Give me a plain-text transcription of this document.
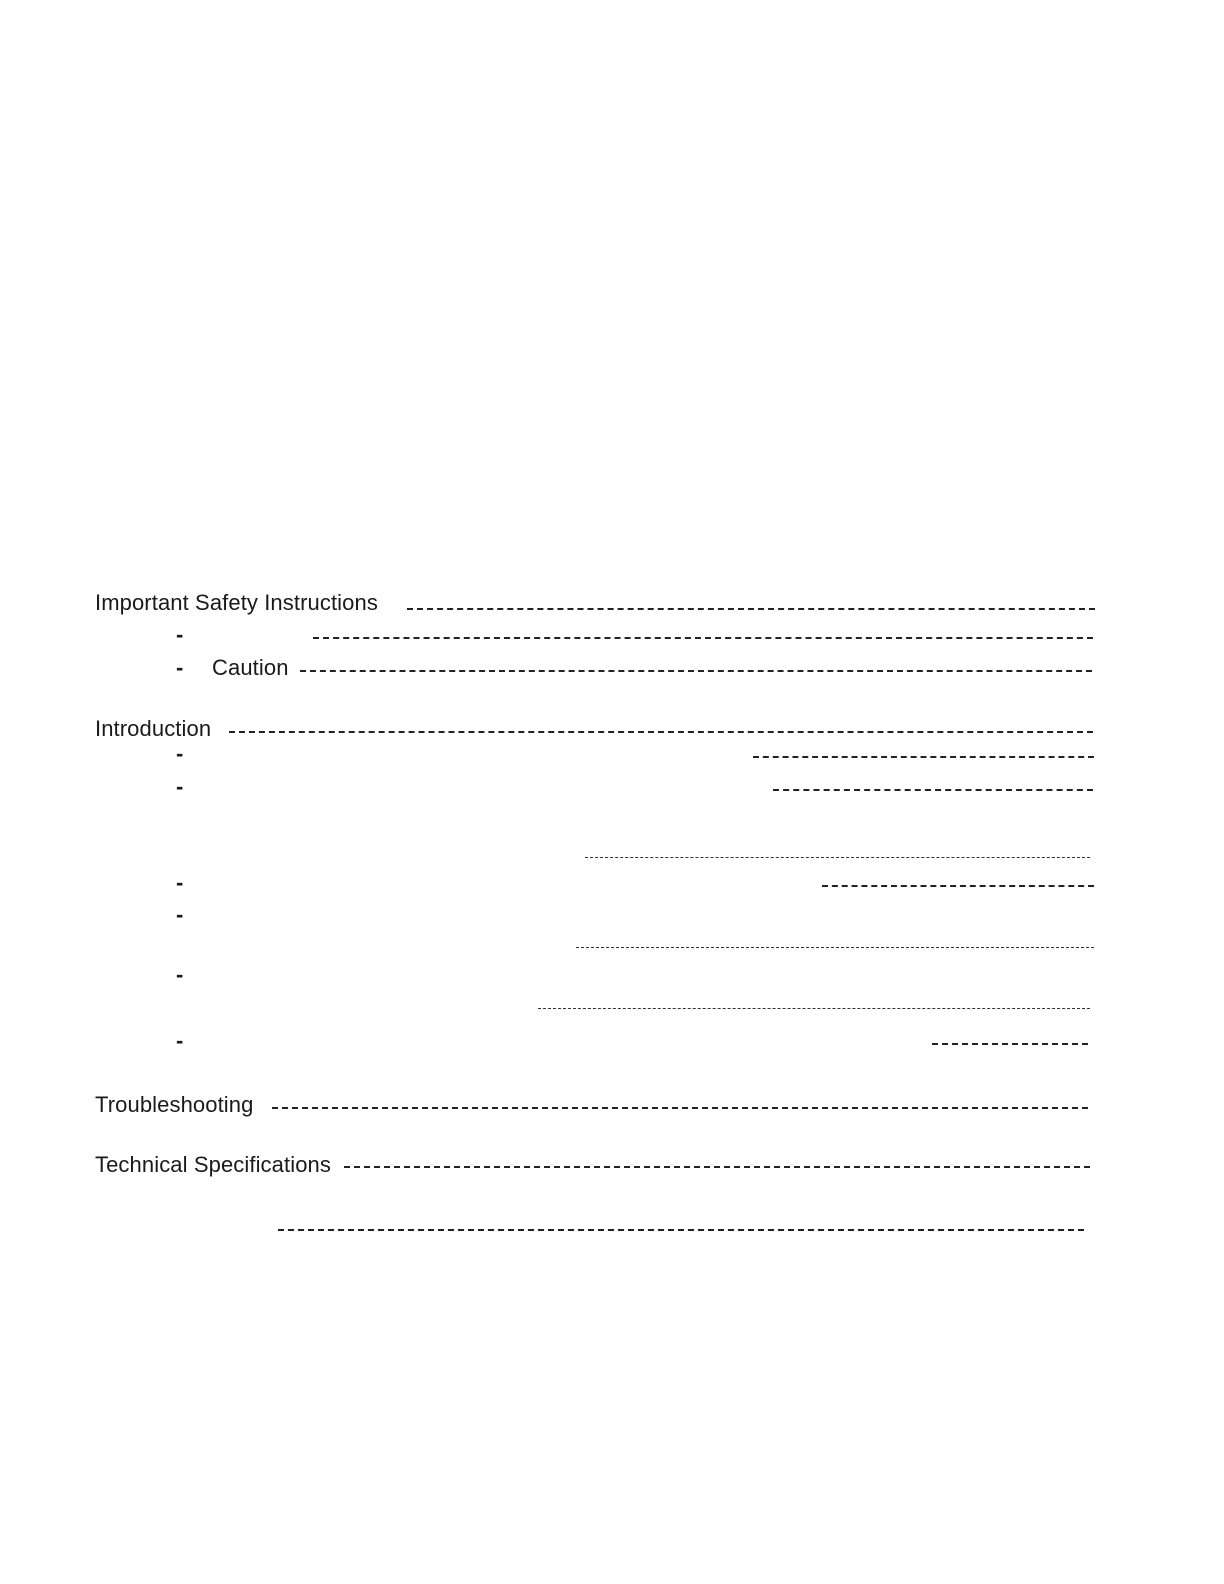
Important Safety Instructions
-
- Caution
Introduction
-
-
-
-
-
-
Troubleshooting
Technical Specifications
